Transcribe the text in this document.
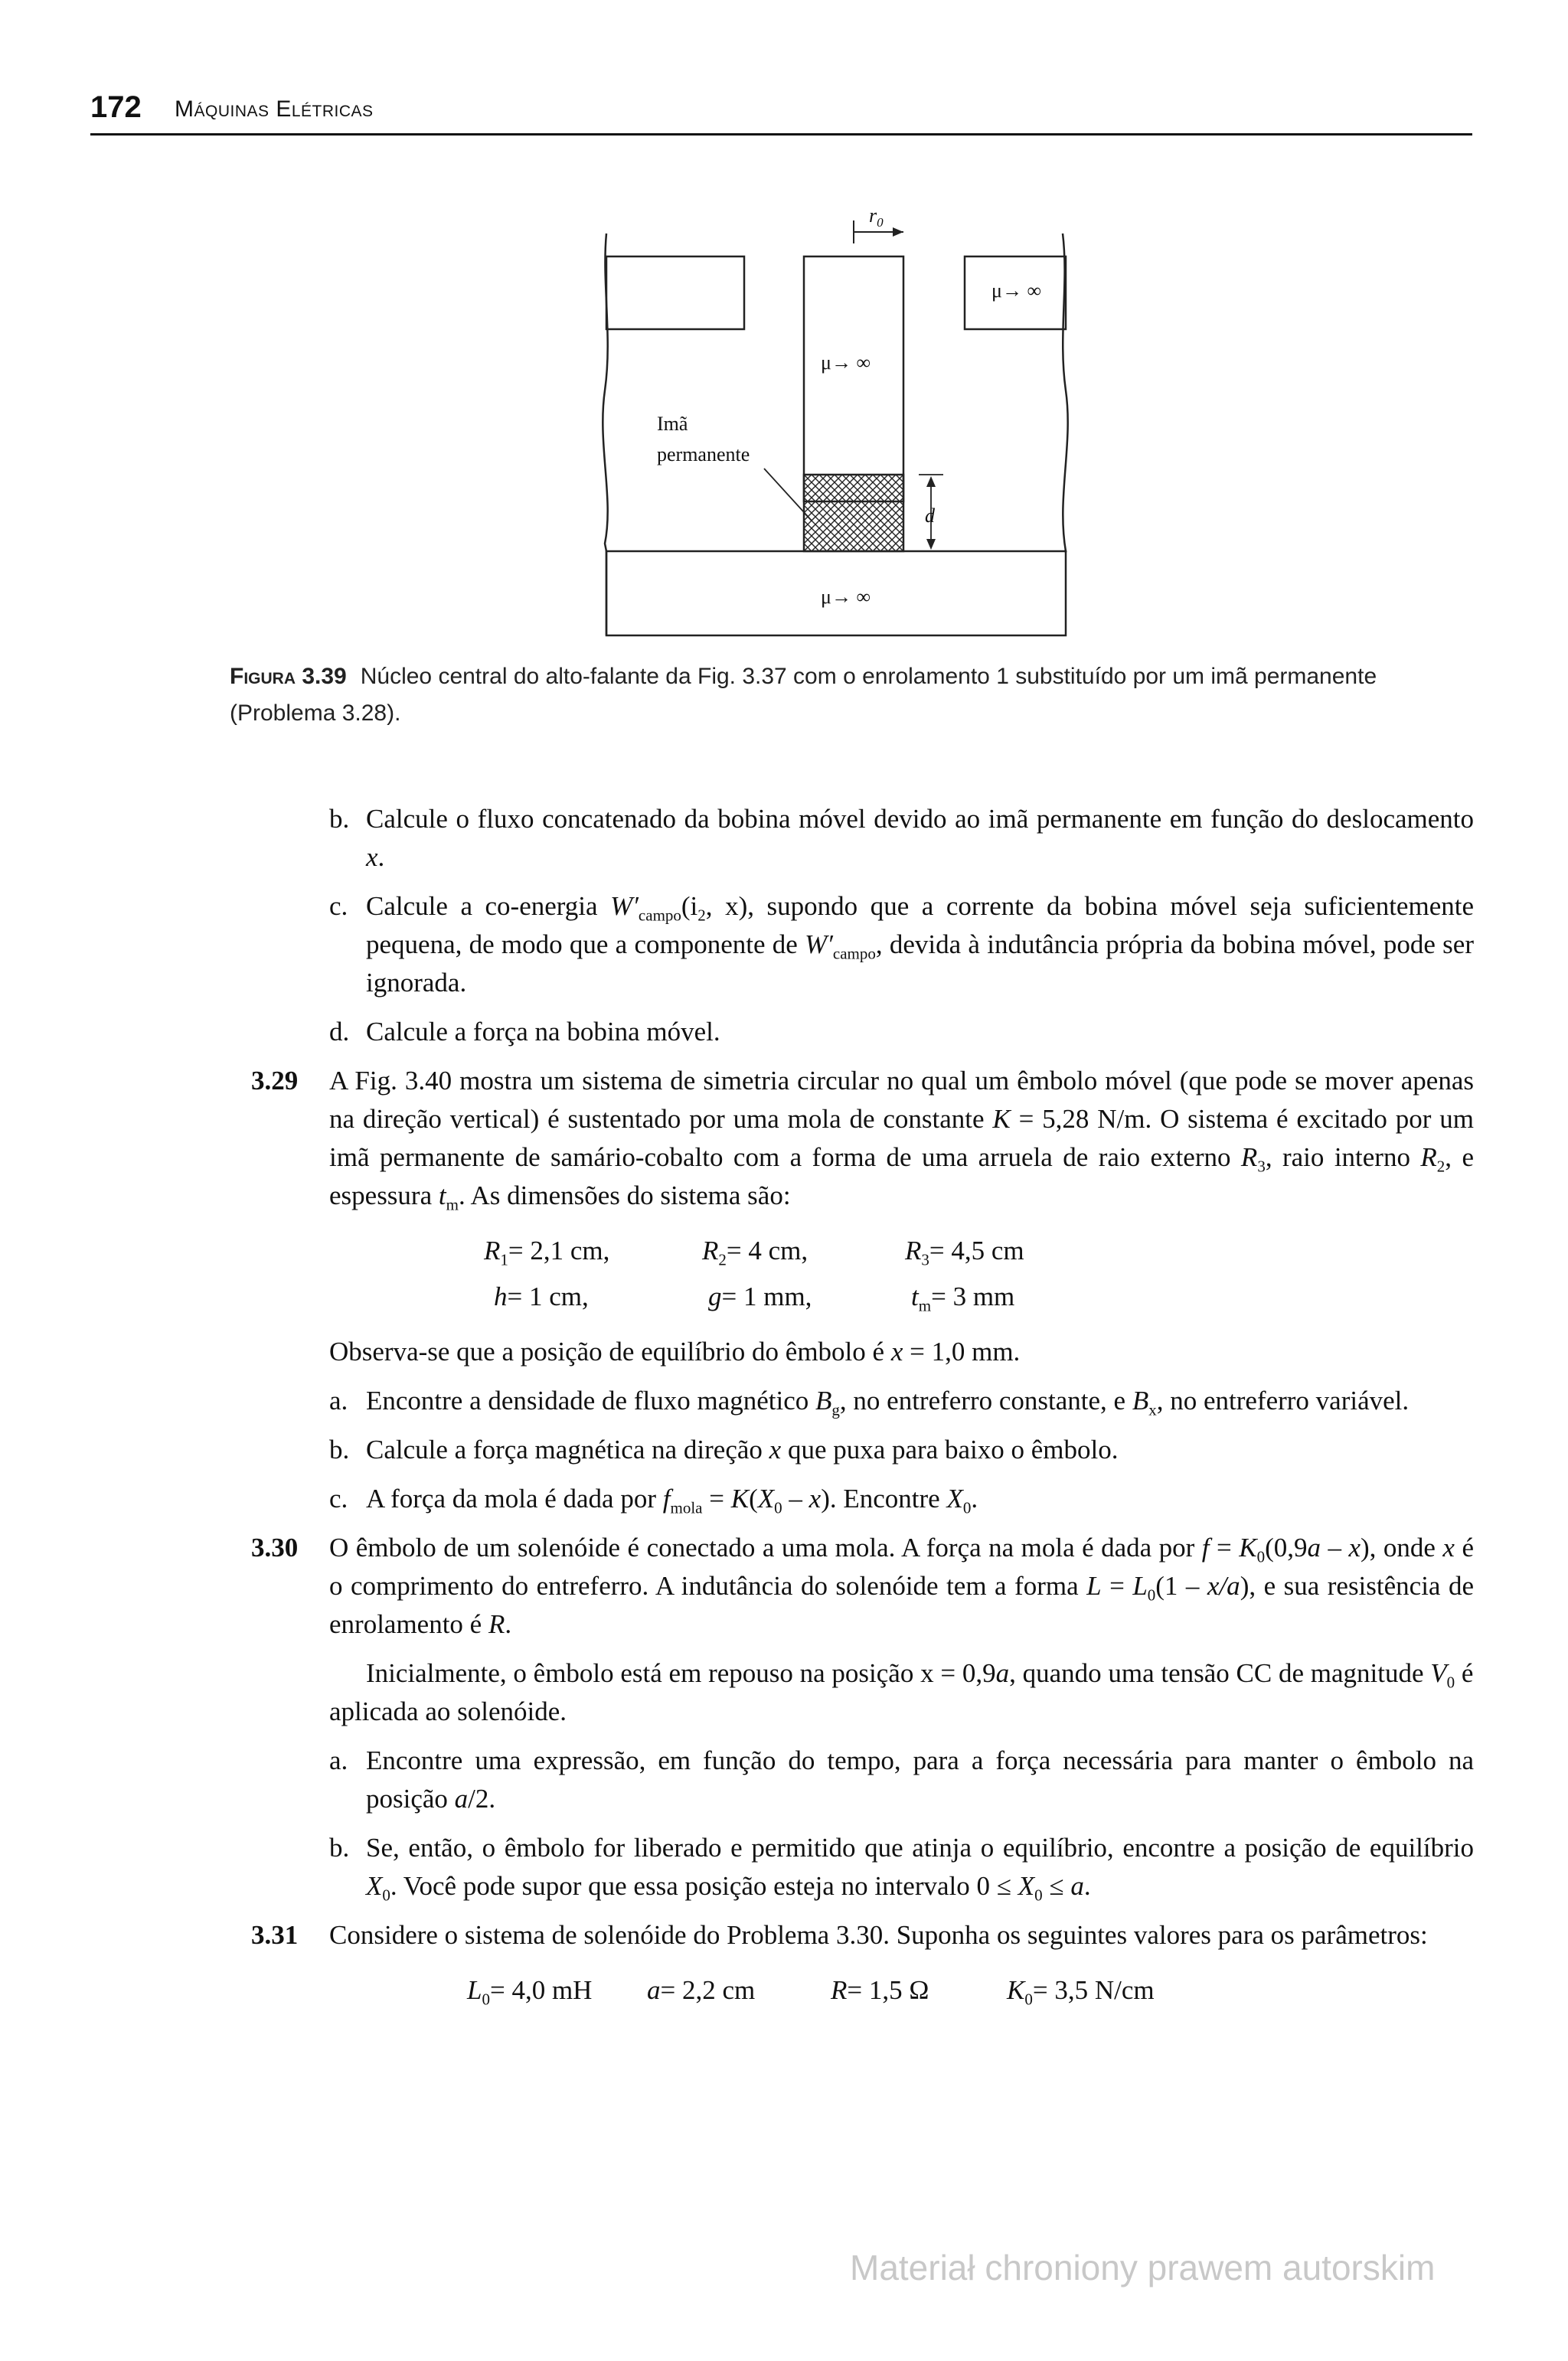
172 Máquinas Elétricas
$r_0$
μ→ ∞
μ→ ∞
μ→ ∞
Imã
permanente
d
Figura 3.39 Núcleo central do alto-falante da Fig. 3.37 com o enrolamento 1 substituído por um imã permanente (Problema 3.28).
b. Calcule o fluxo concatenado da bobina móvel devido ao imã permanente em função do deslocamento x.
c. Calcule a co-energia $W'_{campo}(i_2$, x), supondo que a corrente da bobina móvel seja suficientemente pequena, de modo que a componente de $W'_{campo}$, devida à indutância própria da bobina móvel, pode ser ignorada.
d. Calcule a força na bobina móvel.
3.29 A Fig. 3.40 mostra um sistema de simetria circular no qual um êmbolo móvel (que pode se mover apenas na direção vertical) é sustentado por uma mola de constante K = 5,28 N/m. O sistema é excitado por um imã permanente de samário-cobalto com a forma de uma arruela de raio externo $R_3$, raio interno $R_2$, e espessura $t_m$. As dimensões do sistema são:
$R_1= 2,1$ cm,	$R_2= 4$ cm,	$R_3= 4,5$ cm
h= 1 cm,	g= 1 mm,	$t_m= 3$ mm

Observa-se que a posição de equilíbrio do êmbolo é x = 1,0 mm.

a. Encontre a densidade de fluxo magnético $B_g$, no entreferro constante, e $B_x$, no entreferro variável.
b. Calcule a força magnética na direção x que puxa para baixo o êmbolo.
c. A força da mola é dada por $f_{mola} = K(X_0 - x)$. Encontre $X_0$.
3.30 O êmbolo de um solenóide é conectado a uma mola. A força na mola é dada por $f = K_0(0,9a - x)$, onde x é o comprimento do entreferro. A indutância do solenóide tem a forma $L = L_0(1 - x/a)$, e sua resistência de enrolamento é R.

Inicialmente, o êmbolo está em repouso na posição x = 0,9a, quando uma tensão CC de magnitude $V_0$ é aplicada ao solenóide.

a. Encontre uma expressão, em função do tempo, para a força necessária para manter o êmbolo na posição a/2.
b. Se, então, o êmbolo for liberado e permitido que atinja o equilíbrio, encontre a posição de equilíbrio $X_0$. Você pode supor que essa posição esteja no intervalo $0 \le X_0 \le a$.
3.31 Considere o sistema de solenóide do Problema 3.30. Suponha os seguintes valores para os parâmetros:
$L_0= 4,0$ mH a= 2,2 cm	R= 1,5 Ω	$K_0= 3,5$ N/cm
Materiał chroniony prawem autorskim
